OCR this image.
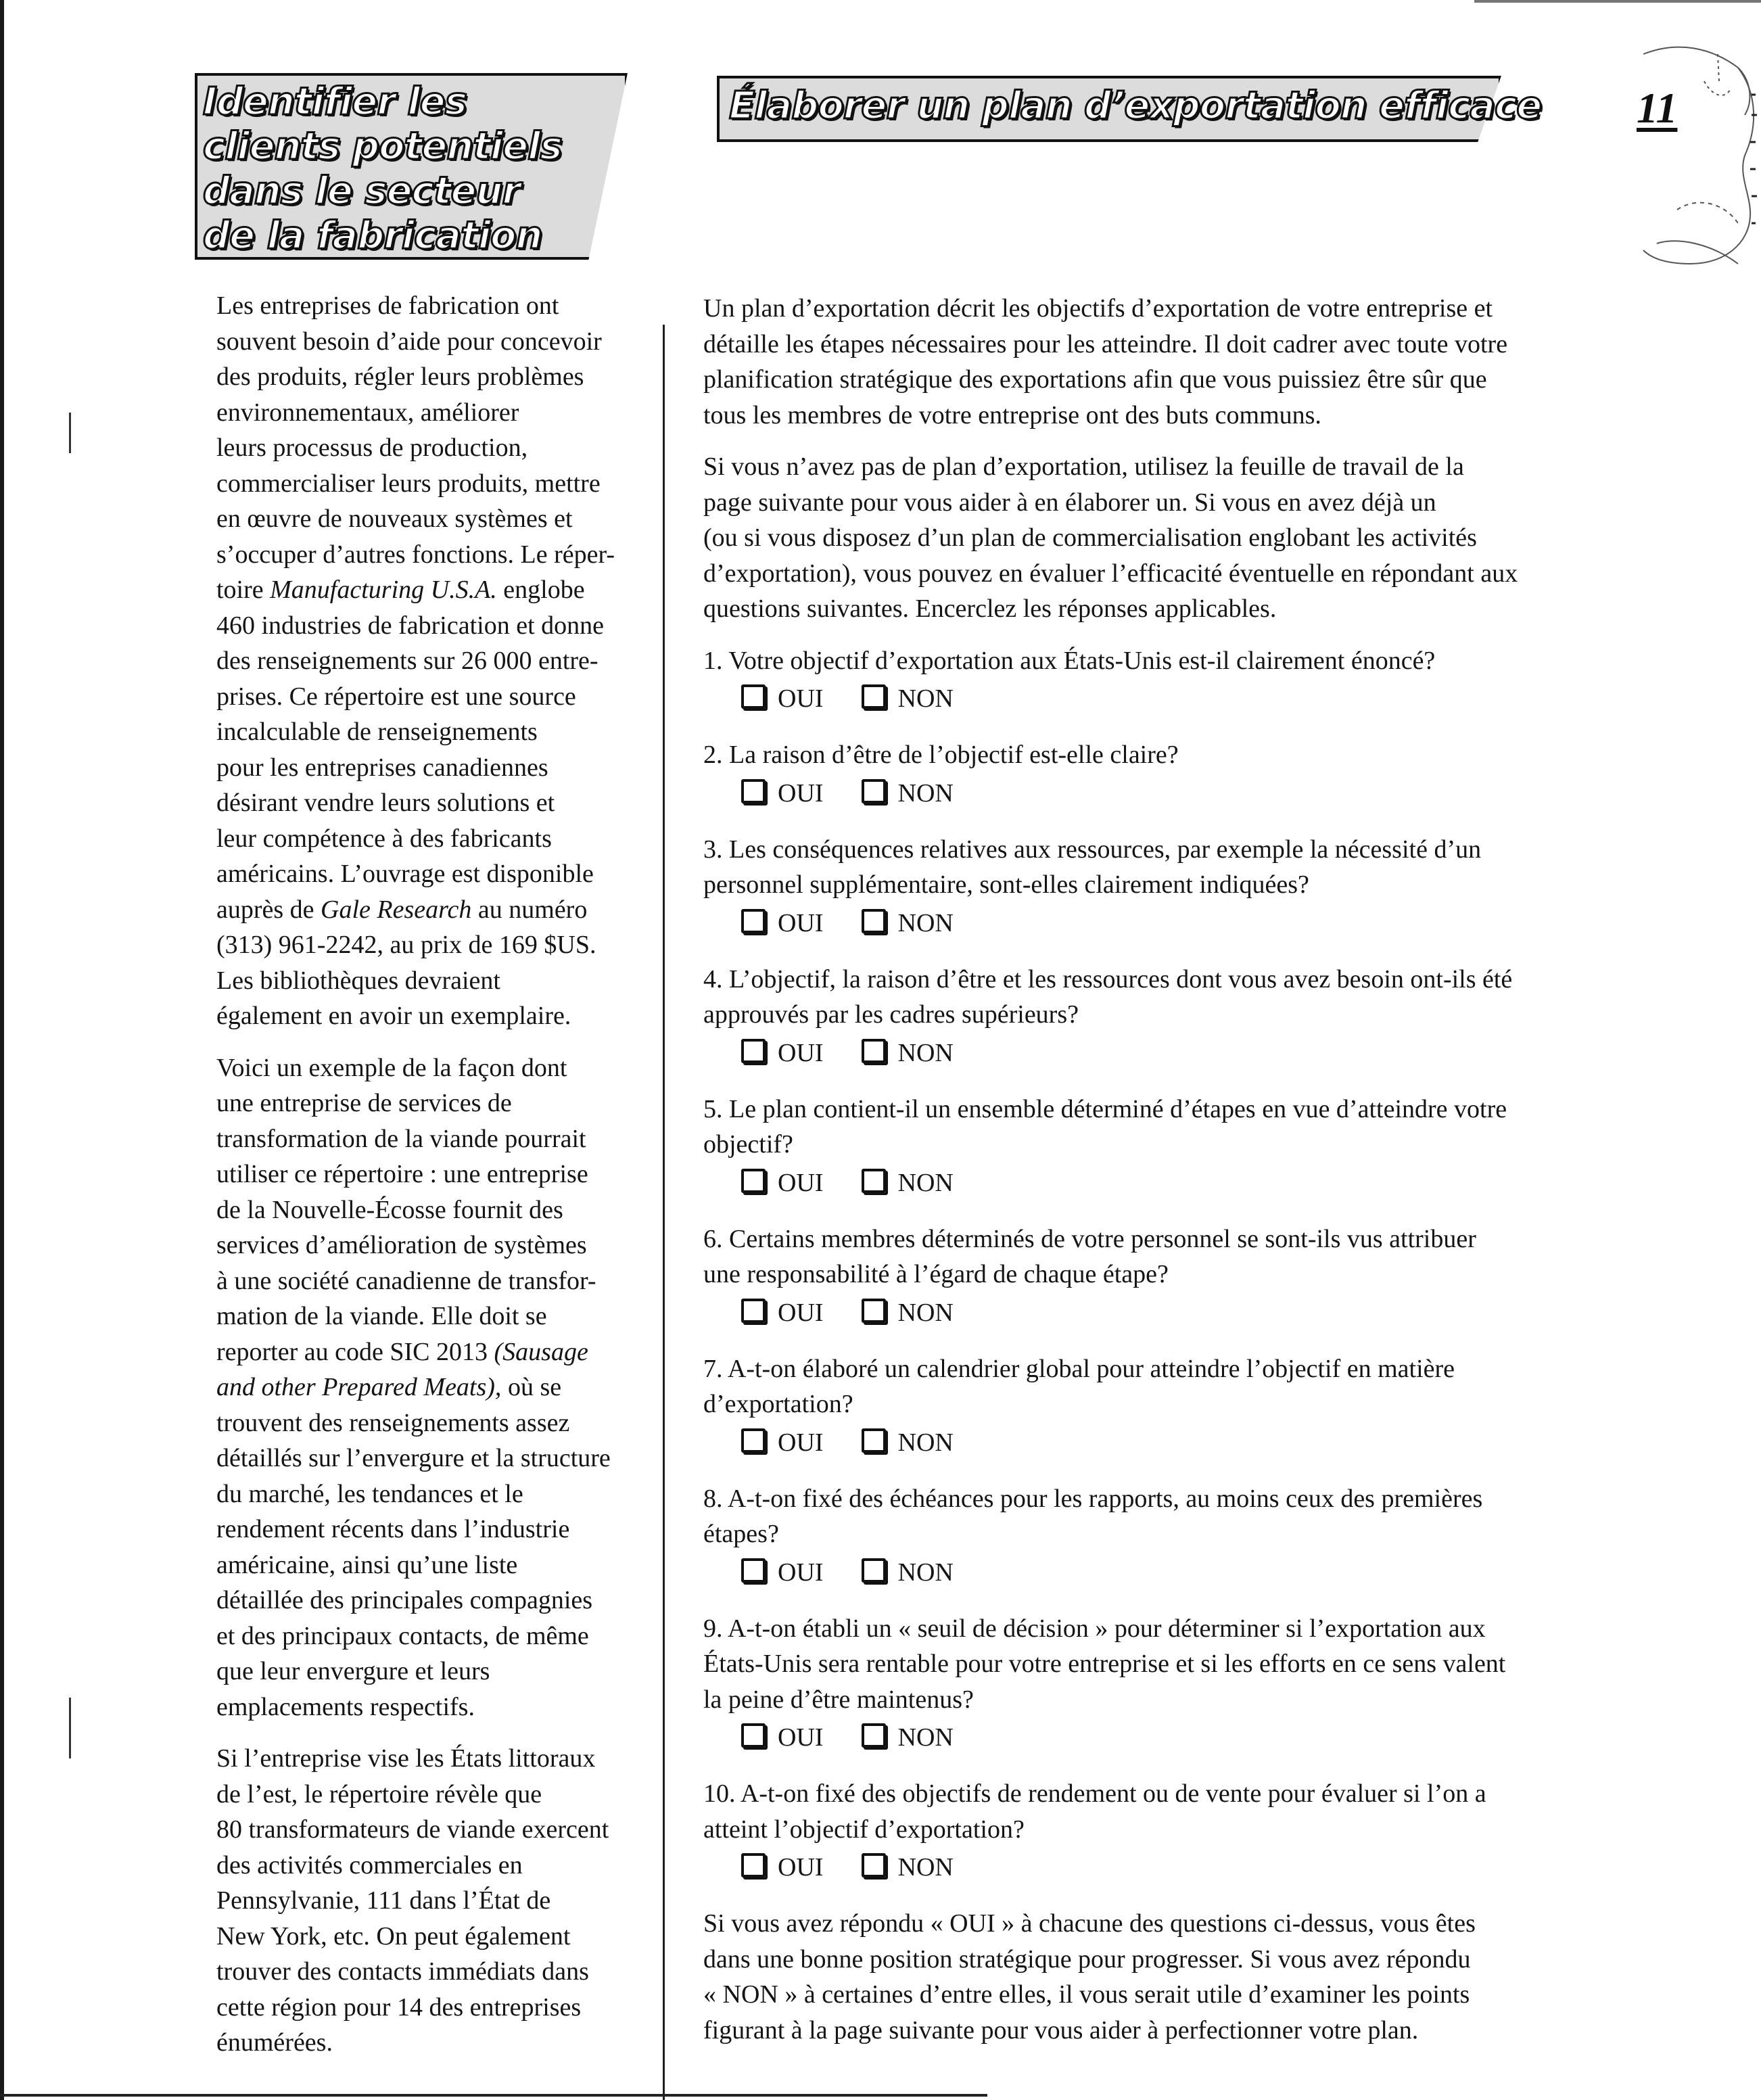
Identifier les
clients potentiels
dans le secteur
de la fabrication
Élaborer un plan d’exportation efficace 11

Les entreprises de fabrication ont
souvent besoin d’aide pour concevoir
des produits, régler leurs problèmes
environnementaux, améliorer
leurs processus de production,
commercialiser leurs produits, mettre
en œuvre de nouveaux systèmes et
s’occuper d’autres fonctions. Le réper-
toire Manufacturing U.S.A. englobe
460 industries de fabrication et donne
des renseignements sur 26 000 entre-
prises. Ce répertoire est une source
incalculable de renseignements
pour les entreprises canadiennes
désirant vendre leurs solutions et
leur compétence à des fabricants
américains. L’ouvrage est disponible
auprès de Gale Research au numéro
(313) 961-2242, au prix de 169 $US.
Les bibliothèques devraient
également en avoir un exemplaire.

Voici un exemple de la façon dont
une entreprise de services de
transformation de la viande pourrait
utiliser ce répertoire : une entreprise
de la Nouvelle-Écosse fournit des
services d’amélioration de systèmes
à une société canadienne de transfor-
mation de la viande. Elle doit se
reporter au code SIC 2013 (Sausage
and other Prepared Meats), où se
trouvent des renseignements assez
détaillés sur l’envergure et la structure
du marché, les tendances et le
rendement récents dans l’industrie
américaine, ainsi qu’une liste
détaillée des principales compagnies
et des principaux contacts, de même
que leur envergure et leurs
emplacements respectifs.

Si l’entreprise vise les États littoraux
de l’est, le répertoire révèle que
80 transformateurs de viande exercent
des activités commerciales en
Pennsylvanie, 111 dans l’État de
New York, etc. On peut également
trouver des contacts immédiats dans
cette région pour 14 des entreprises
énumérées.

Un plan d’exportation décrit les objectifs d’exportation de votre entreprise et
détaille les étapes nécessaires pour les atteindre. Il doit cadrer avec toute votre
planification stratégique des exportations afin que vous puissiez être sûr que
tous les membres de votre entreprise ont des buts communs.

Si vous n’avez pas de plan d’exportation, utilisez la feuille de travail de la
page suivante pour vous aider à en élaborer un. Si vous en avez déjà un
(ou si vous disposez d’un plan de commercialisation englobant les activités
d’exportation), vous pouvez en évaluer l’efficacité éventuelle en répondant aux
questions suivantes. Encerclez les réponses applicables.

1. Votre objectif d’exportation aux États-Unis est-il clairement énoncé?
OUI	NON
2. La raison d’être de l’objectif est-elle claire?
OUI	NON
3. Les conséquences relatives aux ressources, par exemple la nécessité d’un
personnel supplémentaire, sont-elles clairement indiquées?
OUI	NON
4. L’objectif, la raison d’être et les ressources dont vous avez besoin ont-ils été
approuvés par les cadres supérieurs?
OUI	NON
5. Le plan contient-il un ensemble déterminé d’étapes en vue d’atteindre votre
objectif?
OUI	NON
6. Certains membres déterminés de votre personnel se sont-ils vus attribuer
une responsabilité à l’égard de chaque étape?
OUI	NON
7. A-t-on élaboré un calendrier global pour atteindre l’objectif en matière
d’exportation?
OUI	NON
8. A-t-on fixé des échéances pour les rapports, au moins ceux des premières
étapes?
OUI	NON
9. A-t-on établi un « seuil de décision » pour déterminer si l’exportation aux
États-Unis sera rentable pour votre entreprise et si les efforts en ce sens valent
la peine d’être maintenus?
OUI	NON
10. A-t-on fixé des objectifs de rendement ou de vente pour évaluer si l’on a
atteint l’objectif d’exportation?
OUI	NON

Si vous avez répondu « OUI » à chacune des questions ci-dessus, vous êtes
dans une bonne position stratégique pour progresser. Si vous avez répondu
« NON » à certaines d’entre elles, il vous serait utile d’examiner les points
figurant à la page suivante pour vous aider à perfectionner votre plan.
